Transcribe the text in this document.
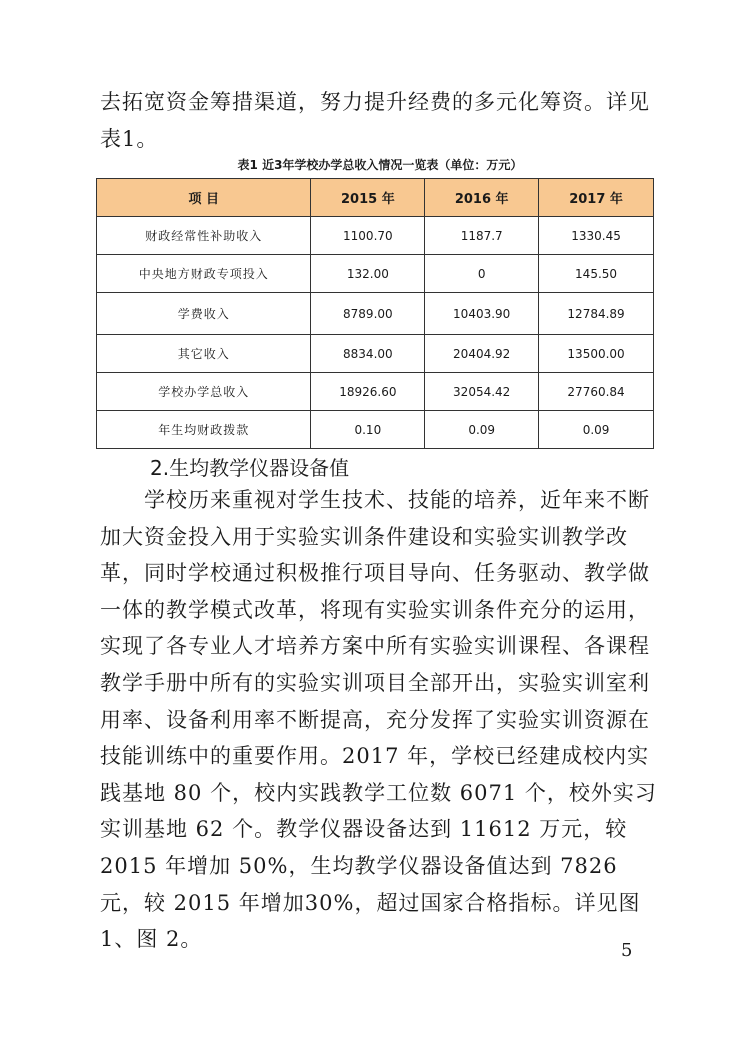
去拓宽资金筹措渠道，努力提升经费的多元化筹资。详见表1。

表1 近3年学校办学总收入情况一览表（单位：万元）
项 目	2015 年	2016 年	2017 年
财政经常性补助收入	1100.70	1187.7	1330.45
中央地方财政专项投入	132.00	0	145.50
学费收入	8789.00	10403.90	12784.89
其它收入	8834.00	20404.92	13500.00
学校办学总收入	18926.60	32054.42	27760.84
年生均财政拨款	0.10	0.09	0.09
2.生均教学仪器设备值

学校历来重视对学生技术、技能的培养，近年来不断加大资金投入用于实验实训条件建设和实验实训教学改革，同时学校通过积极推行项目导向、任务驱动、教学做一体的教学模式改革，将现有实验实训条件充分的运用，实现了各专业人才培养方案中所有实验实训课程、各课程教学手册中所有的实验实训项目全部开出，实验实训室利用率、设备利用率不断提高，充分发挥了实验实训资源在技能训练中的重要作用。2017 年，学校已经建成校内实践基地 80 个，校内实践教学工位数 6071 个，校外实习实训基地 62 个。教学仪器设备达到 11612 万元，较 2015 年增加 50%，生均教学仪器设备值达到 7826 元，较 2015 年增加30%，超过国家合格指标。详见图 1、图 2。	5
